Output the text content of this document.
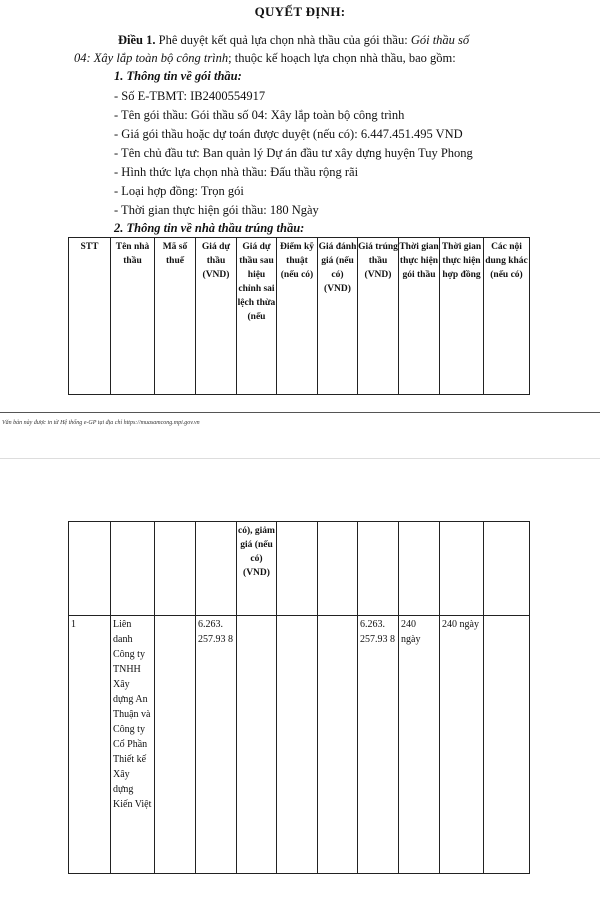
QUYẾT ĐỊNH:
Điều 1. Phê duyệt kết quả lựa chọn nhà thầu của gói thầu: Gói thầu số
04: Xây lắp toàn bộ công trình; thuộc kế hoạch lựa chọn nhà thầu, bao gồm:
1. Thông tin về gói thầu:
- Số E-TBMT: IB2400554917
- Tên gói thầu: Gói thầu số 04: Xây lắp toàn bộ công trình
- Giá gói thầu hoặc dự toán được duyệt (nếu có): 6.447.451.495 VND
- Tên chủ đầu tư: Ban quản lý Dự án đầu tư xây dựng huyện Tuy Phong
- Hình thức lựa chọn nhà thầu: Đấu thầu rộng rãi
- Loại hợp đồng: Trọn gói
- Thời gian thực hiện gói thầu: 180 Ngày
2. Thông tin về nhà thầu trúng thầu:
STT	Tên nhà thầu	Mã số thuế	Giá dự thầu (VND)	Giá dự thầu sau hiệu chỉnh sai lệch thừa (nếu	Điểm kỹ thuật (nếu có)	Giá đánh giá (nếu có) (VND)	Giá trúng thầu (VND)	Thời gian thực hiện gói thầu	Thời gian thực hiện hợp đồng	Các nội dung khác (nếu có)
Văn bản này được in từ Hệ thống e-GP tại địa chỉ https://muasamcong.mpi.gov.vn
				có), giảm giá (nếu có) (VND)						
1	Liên danh Công ty TNHH Xây dựng An Thuận và Công ty Cổ Phần Thiết kế Xây dựng Kiến Việt		6.263. 257.93 8				6.263. 257.93 8	240 ngày	240 ngày	
